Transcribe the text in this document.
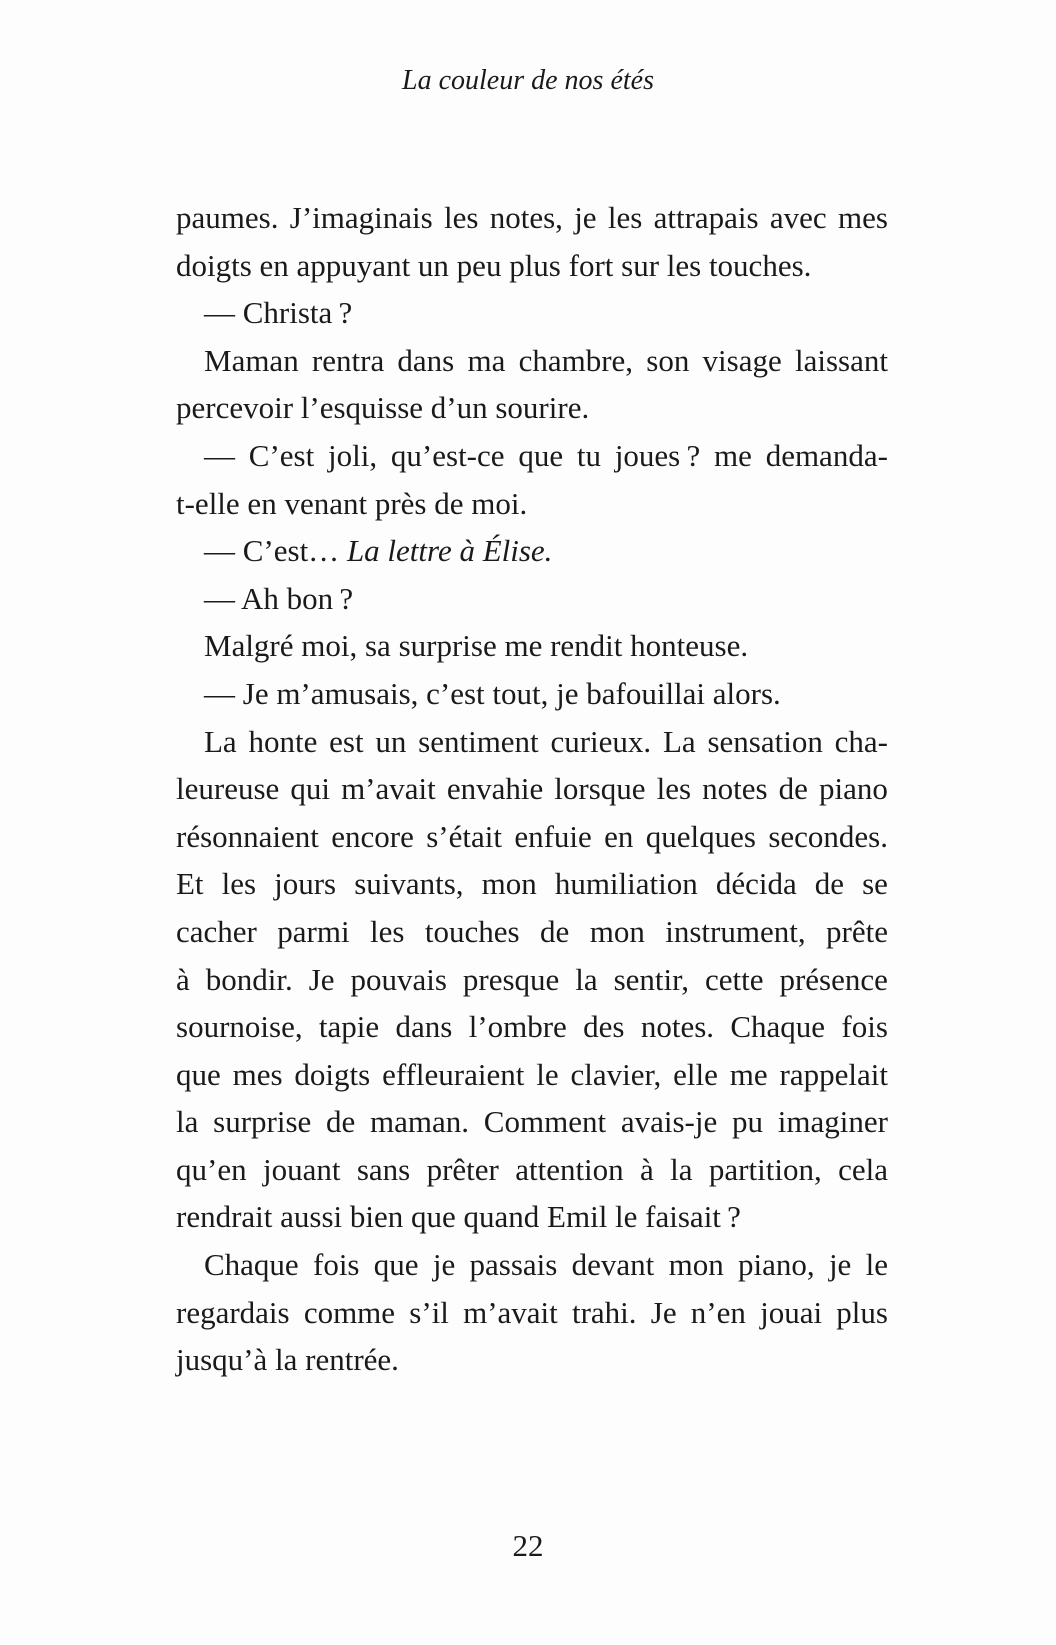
La couleur de nos étés
paumes. J’imaginais les notes, je les attrapais avec mes
doigts en appuyant un peu plus fort sur les touches.
— Christa ?
Maman rentra dans ma chambre, son visage laissant
percevoir l’esquisse d’un sourire.
— C’est joli, qu’est-ce que tu joues ? me demanda-
t-elle en venant près de moi.
— C’est… La lettre à Élise.
— Ah bon ?
Malgré moi, sa surprise me rendit honteuse.
— Je m’amusais, c’est tout, je bafouillai alors.
La honte est un sentiment curieux. La sensation cha-
leureuse qui m’avait envahie lorsque les notes de piano
résonnaient encore s’était enfuie en quelques secondes.
Et les jours suivants, mon humiliation décida de se
cacher parmi les touches de mon instrument, prête
à bondir. Je pouvais presque la sentir, cette présence
sournoise, tapie dans l’ombre des notes. Chaque fois
que mes doigts effleuraient le clavier, elle me rappelait
la surprise de maman. Comment avais-je pu imaginer
qu’en jouant sans prêter attention à la partition, cela
rendrait aussi bien que quand Emil le faisait ?
Chaque fois que je passais devant mon piano, je le
regardais comme s’il m’avait trahi. Je n’en jouai plus
jusqu’à la rentrée.
22
